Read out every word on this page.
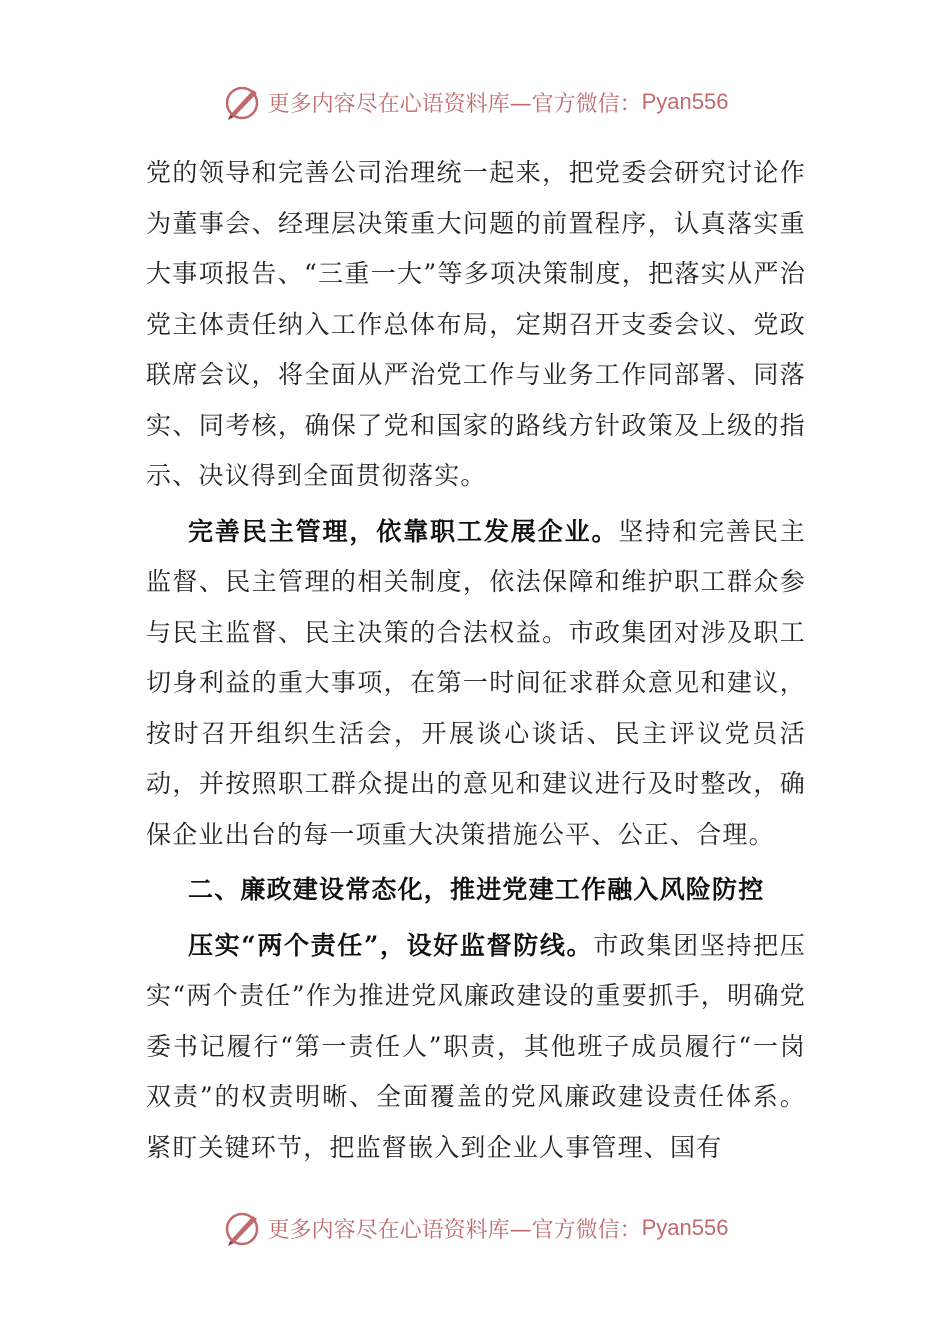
更多内容尽在心语资料库—官方微信： Pyan556

党的领导和完善公司治理统一起来，把党委会研究讨论作为董事会、经理层决策重大问题的前置程序，认真落实重大事项报告、“三重一大”等多项决策制度，把落实从严治党主体责任纳入工作总体布局，定期召开支委会议、党政联席会议，将全面从严治党工作与业务工作同部署、同落实、同考核，确保了党和国家的路线方针政策及上级的指示、决议得到全面贯彻落实。

完善民主管理，依靠职工发展企业。坚持和完善民主监督、民主管理的相关制度，依法保障和维护职工群众参与民主监督、民主决策的合法权益。市政集团对涉及职工切身利益的重大事项，在第一时间征求群众意见和建议，按时召开组织生活会，开展谈心谈话、民主评议党员活动，并按照职工群众提出的意见和建议进行及时整改，确保企业出台的每一项重大决策措施公平、公正、合理。

二、廉政建设常态化，推进党建工作融入风险防控

压实“两个责任”，设好监督防线。市政集团坚持把压实“两个责任”作为推进党风廉政建设的重要抓手，明确党委书记履行“第一责任人”职责，其他班子成员履行“一岗双责”的权责明晰、全面覆盖的党风廉政建设责任体系。紧盯关键环节，把监督嵌入到企业人事管理、国有

更多内容尽在心语资料库—官方微信： Pyan556
